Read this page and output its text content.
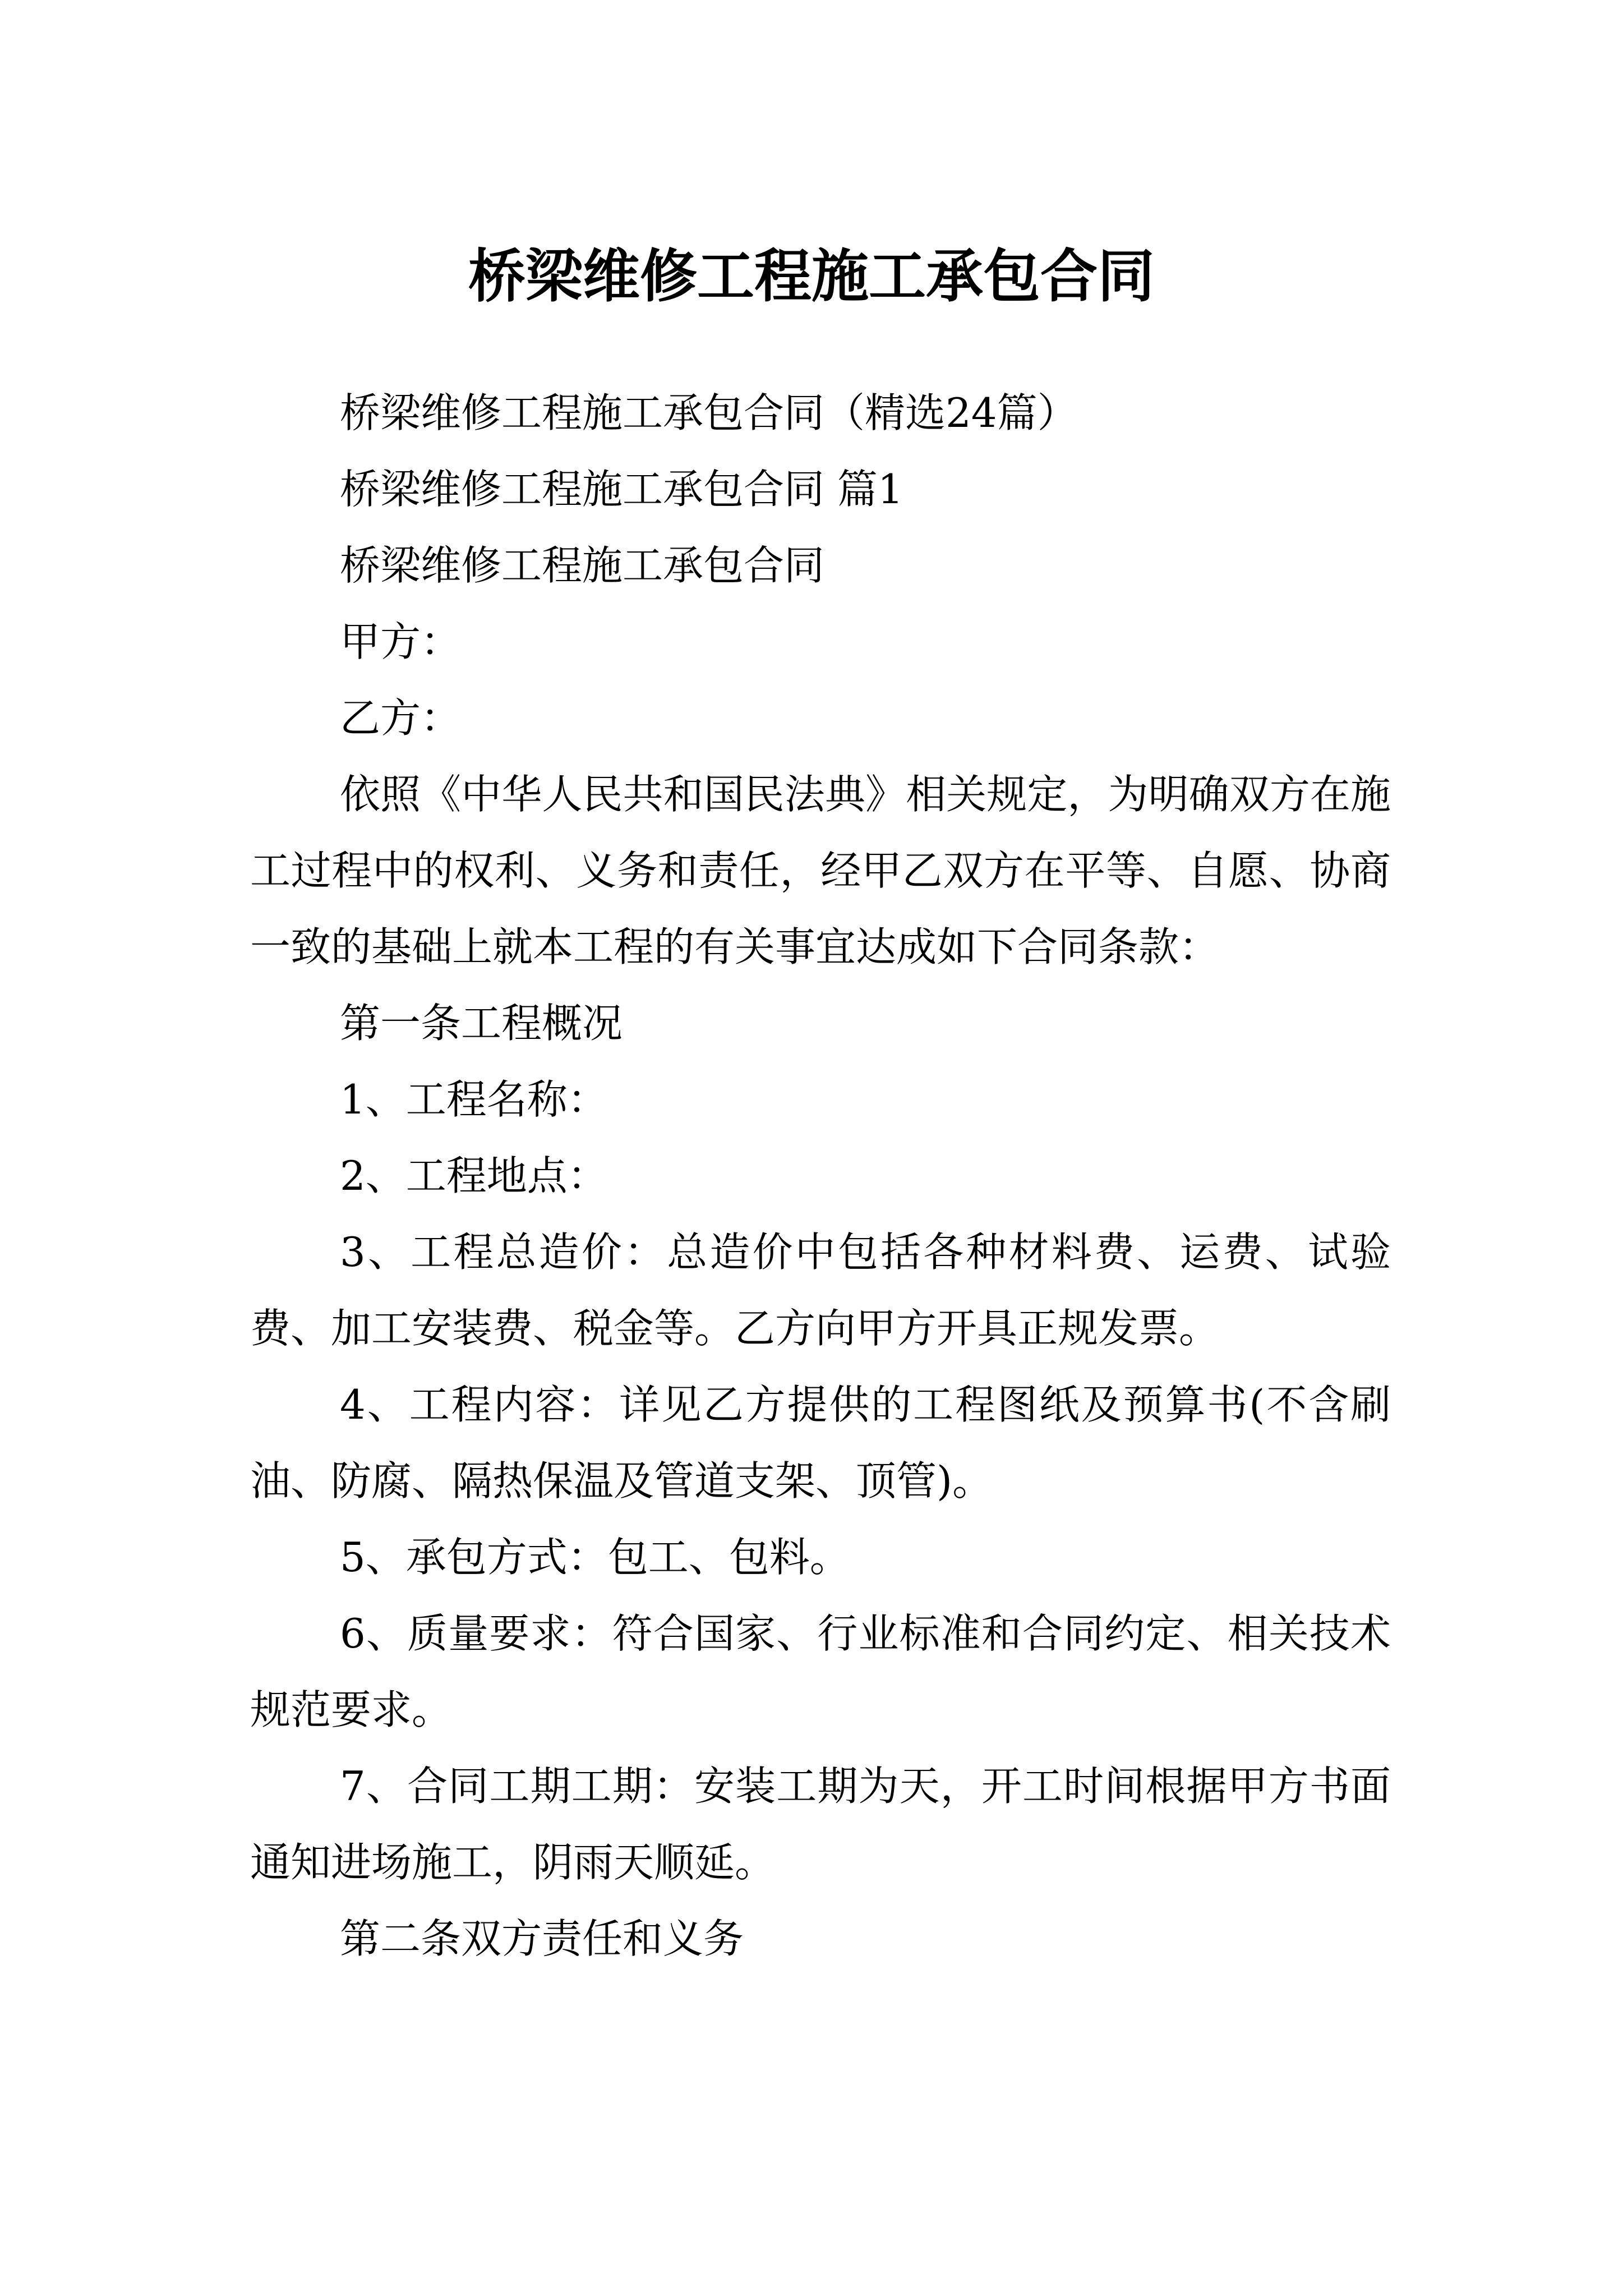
桥梁维修工程施工承包合同

桥梁维修工程施工承包合同（精选24篇）

桥梁维修工程施工承包合同 篇1

桥梁维修工程施工承包合同

甲方：

乙方：

依照《中华人民共和国民法典》相关规定，为明确双方在施工过程中的权利、义务和责任，经甲乙双方在平等、自愿、协商一致的基础上就本工程的有关事宜达成如下合同条款：

第一条工程概况

1、工程名称：

2、工程地点：

3、工程总造价：总造价中包括各种材料费、运费、试验费、加工安装费、税金等。乙方向甲方开具正规发票。

4、工程内容：详见乙方提供的工程图纸及预算书(不含刷油、防腐、隔热保温及管道支架、顶管)。

5、承包方式：包工、包料。

6、质量要求：符合国家、行业标准和合同约定、相关技术规范要求。

7、合同工期工期：安装工期为天，开工时间根据甲方书面通知进场施工，阴雨天顺延。

第二条双方责任和义务
